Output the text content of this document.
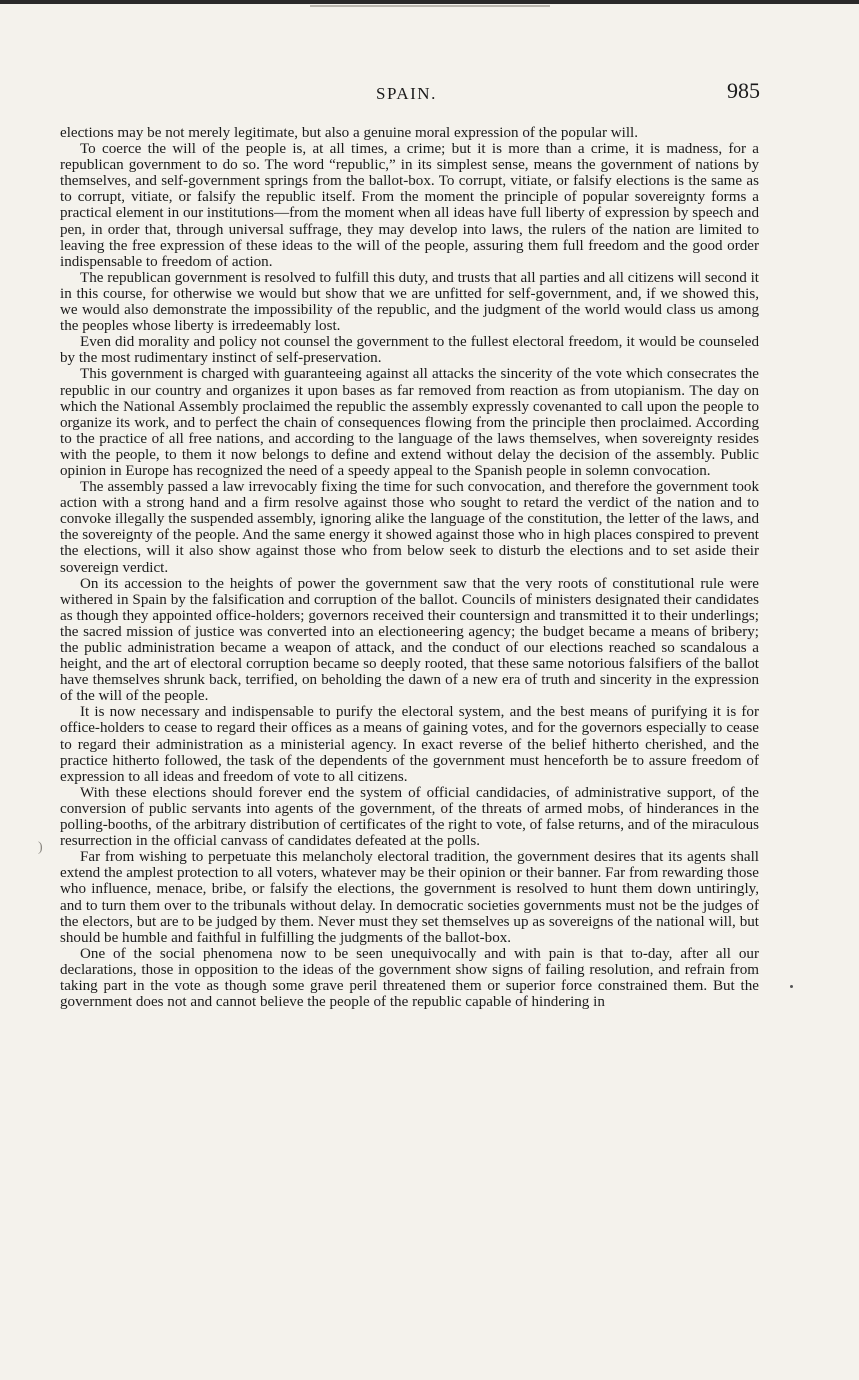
SPAIN.	985

elections may be not merely legitimate, but also a genuine moral expression of the popular will.

To coerce the will of the people is, at all times, a crime; but it is more than a crime, it is madness, for a republican government to do so. The word “republic,” in its simplest sense, means the government of nations by themselves, and self-government springs from the ballot-box. To corrupt, vitiate, or falsify elections is the same as to corrupt, vitiate, or falsify the republic itself. From the moment the principle of popular sovereignty forms a practical element in our institutions—from the moment when all ideas have full liberty of expression by speech and pen, in order that, through universal suffrage, they may develop into laws, the rulers of the nation are limited to leaving the free expression of these ideas to the will of the people, assuring them full freedom and the good order indispensable to freedom of action.

The republican government is resolved to fulfill this duty, and trusts that all parties and all citizens will second it in this course, for otherwise we would but show that we are unfitted for self-government, and, if we showed this, we would also demonstrate the impossibility of the republic, and the judgment of the world would class us among the peoples whose liberty is irredeemably lost.

Even did morality and policy not counsel the government to the fullest electoral freedom, it would be counseled by the most rudimentary instinct of self-preservation.

This government is charged with guaranteeing against all attacks the sincerity of the vote which consecrates the republic in our country and organizes it upon bases as far removed from reaction as from utopianism. The day on which the National Assembly proclaimed the republic the assembly expressly covenanted to call upon the people to organize its work, and to perfect the chain of consequences flowing from the principle then proclaimed. According to the practice of all free nations, and according to the language of the laws themselves, when sovereignty resides with the people, to them it now belongs to define and extend without delay the decision of the assembly. Public opinion in Europe has recognized the need of a speedy appeal to the Spanish people in solemn convocation.

The assembly passed a law irrevocably fixing the time for such convocation, and therefore the government took action with a strong hand and a firm resolve against those who sought to retard the verdict of the nation and to convoke illegally the suspended assembly, ignoring alike the language of the constitution, the letter of the laws, and the sovereignty of the people. And the same energy it showed against those who in high places conspired to prevent the elections, will it also show against those who from below seek to disturb the elections and to set aside their sovereign verdict.

On its accession to the heights of power the government saw that the very roots of constitutional rule were withered in Spain by the falsification and corruption of the ballot. Councils of ministers designated their candidates as though they appointed office-holders; governors received their countersign and transmitted it to their underlings; the sacred mission of justice was converted into an electioneering agency; the budget became a means of bribery; the public administration became a weapon of attack, and the conduct of our elections reached so scandalous a height, and the art of electoral corruption became so deeply rooted, that these same notorious falsifiers of the ballot have themselves shrunk back, terrified, on beholding the dawn of a new era of truth and sincerity in the expression of the will of the people.

It is now necessary and indispensable to purify the electoral system, and the best means of purifying it is for office-holders to cease to regard their offices as a means of gaining votes, and for the governors especially to cease to regard their administration as a ministerial agency. In exact reverse of the belief hitherto cherished, and the practice hitherto followed, the task of the dependents of the government must henceforth be to assure freedom of expression to all ideas and freedom of vote to all citizens.

With these elections should forever end the system of official candidacies, of administrative support, of the conversion of public servants into agents of the government, of the threats of armed mobs, of hinderances in the polling-booths, of the arbitrary distribution of certificates of the right to vote, of false returns, and of the miraculous resurrection in the official canvass of candidates defeated at the polls.

Far from wishing to perpetuate this melancholy electoral tradition, the government desires that its agents shall extend the amplest protection to all voters, whatever may be their opinion or their banner. Far from rewarding those who influence, menace, bribe, or falsify the elections, the government is resolved to hunt them down untiringly, and to turn them over to the tribunals without delay. In democratic societies governments must not be the judges of the electors, but are to be judged by them. Never must they set themselves up as sovereigns of the national will, but should be humble and faithful in fulfilling the judgments of the ballot-box.

One of the social phenomena now to be seen unequivocally and with pain is that to-day, after all our declarations, those in opposition to the ideas of the government show signs of failing resolution, and refrain from taking part in the vote as though some grave peril threatened them or superior force constrained them. But the government does not and cannot believe the people of the republic capable of hindering in

)
